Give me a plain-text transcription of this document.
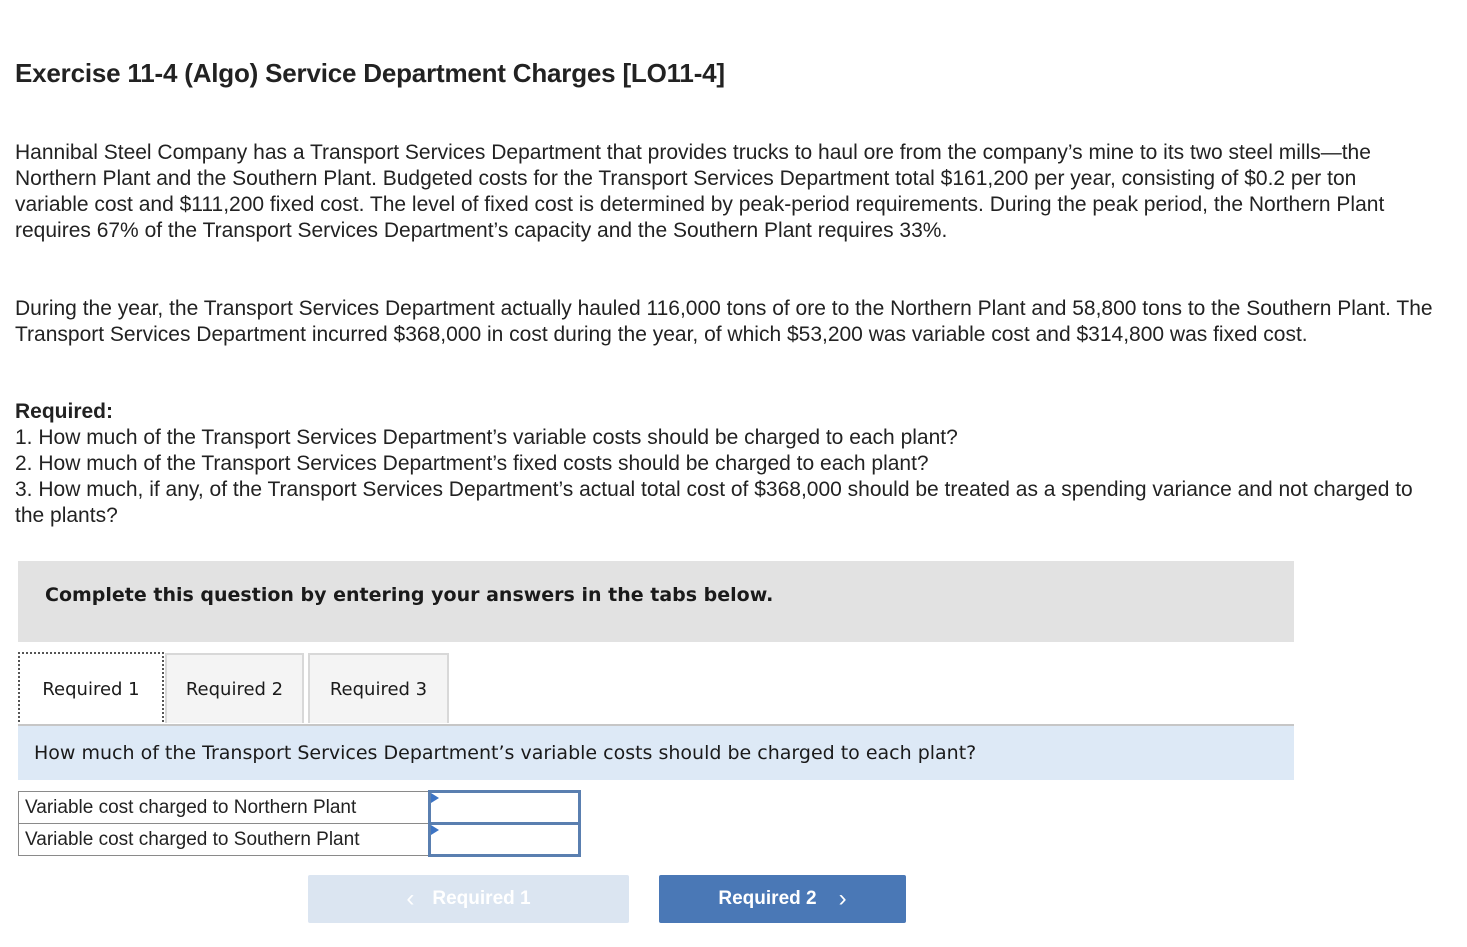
Exercise 11-4 (Algo) Service Department Charges [LO11-4]

Hannibal Steel Company has a Transport Services Department that provides trucks to haul ore from the company’s mine to its two steel mills—the Northern Plant and the Southern Plant. Budgeted costs for the Transport Services Department total $161,200 per year, consisting of $0.2 per ton variable cost and $111,200 fixed cost. The level of fixed cost is determined by peak-period requirements. During the peak period, the Northern Plant requires 67% of the Transport Services Department’s capacity and the Southern Plant requires 33%.

During the year, the Transport Services Department actually hauled 116,000 tons of ore to the Northern Plant and 58,800 tons to the Southern Plant. The Transport Services Department incurred $368,000 in cost during the year, of which $53,200 was variable cost and $314,800 was fixed cost.

Required:

1. How much of the Transport Services Department’s variable costs should be charged to each plant?

2. How much of the Transport Services Department’s fixed costs should be charged to each plant?

3. How much, if any, of the Transport Services Department’s actual total cost of $368,000 should be treated as a spending variance and not charged to the plants?

Complete this question by entering your answers in the tabs below.
Required 1	Required 2	Required 3
How much of the Transport Services Department’s variable costs should be charged to each plant?
Variable cost charged to Northern Plant	

Variable cost charged to Southern Plant	
‹ Required 1	Required 2 ›
